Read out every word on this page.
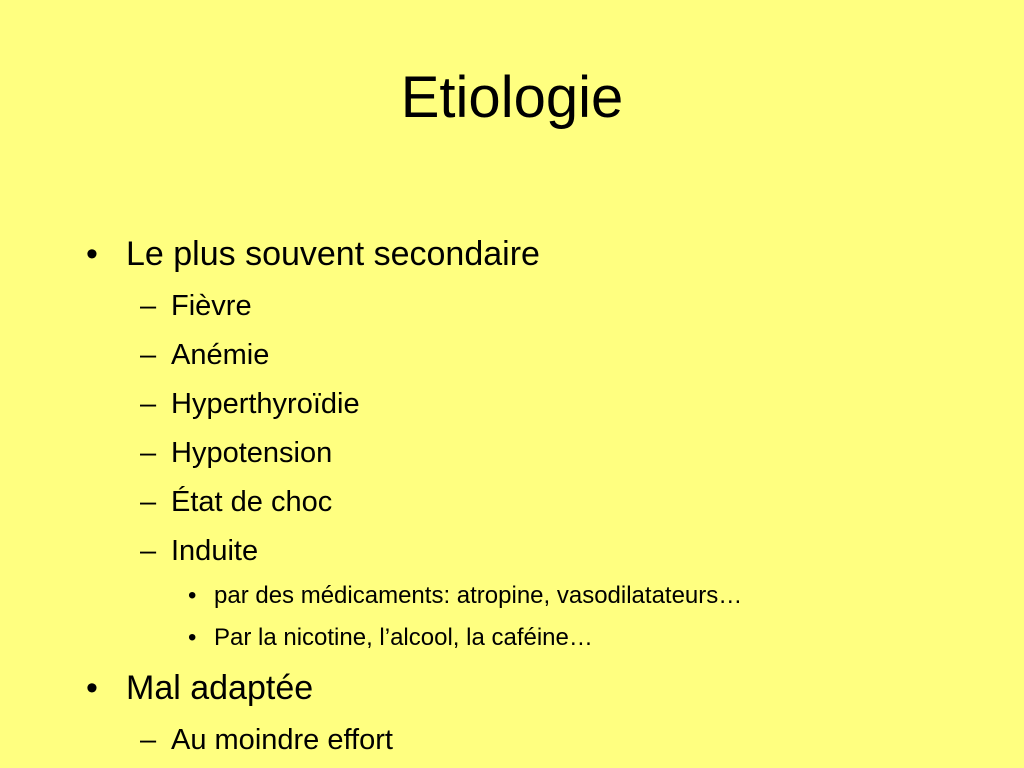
Etiologie
• Le plus souvent secondaire
– Fièvre
– Anémie
– Hyperthyroïdie
– Hypotension
– État de choc
– Induite
• par des médicaments: atropine, vasodilatateurs…
• Par la nicotine, l’alcool, la caféine…
• Mal adaptée
– Au moindre effort
